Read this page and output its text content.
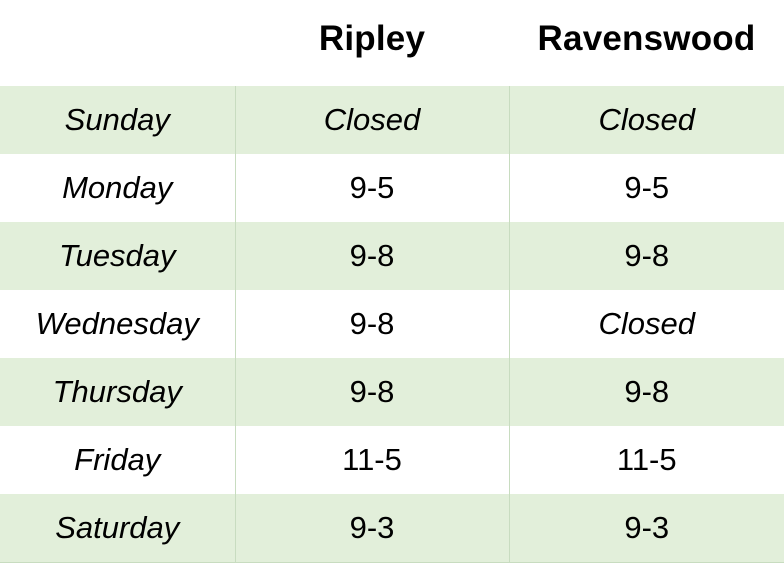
	Ripley	Ravenswood
Sunday	Closed	Closed
Monday	9-5	9-5
Tuesday	9-8	9-8
Wednesday	9-8	Closed
Thursday	9-8	9-8
Friday	11-5	11-5
Saturday	9-3	9-3
